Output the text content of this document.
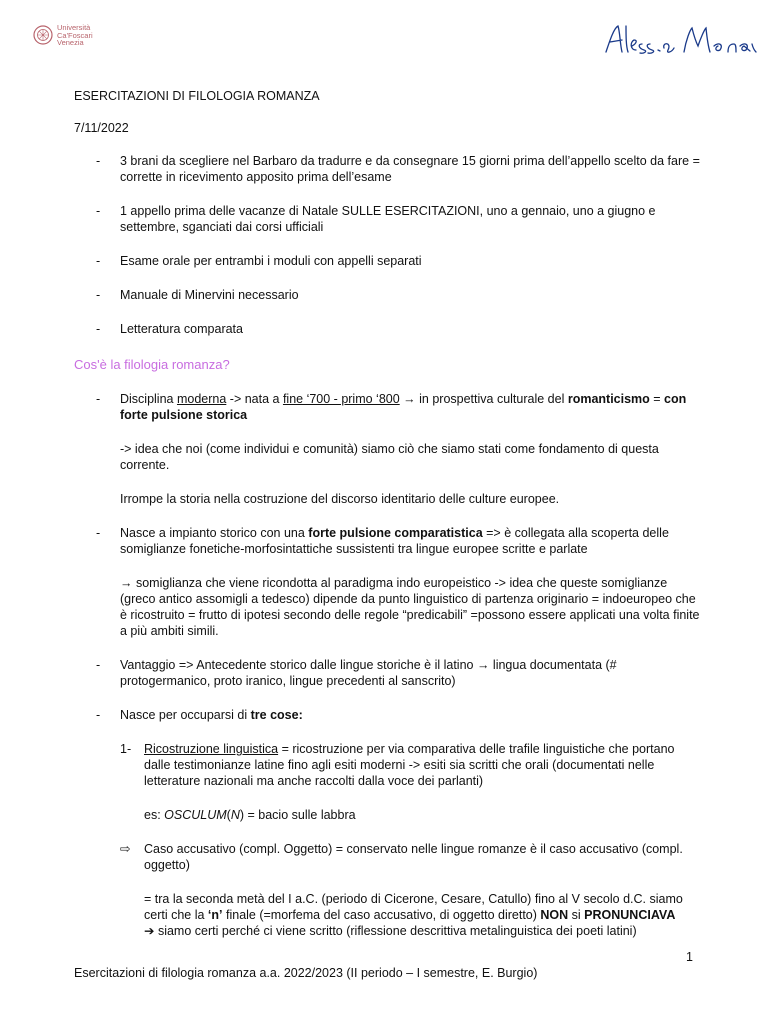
Università
Ca'Foscari
Venezia
ESERCITAZIONI DI FILOLOGIA ROMANZA
7/11/2022
-	3 brani da scegliere nel Barbaro da tradurre e da consegnare 15 giorni prima dell’appello scelto da fare = corrette in ricevimento apposito prima dell’esame
-	1 appello prima delle vacanze di Natale SULLE ESERCITAZIONI, uno a gennaio, uno a giugno e settembre, sganciati dai corsi ufficiali
-	Esame orale per entrambi i moduli con appelli separati
-	Manuale di Minervini necessario
-	Letteratura comparata
Cos'è la filologia romanza?
-	Disciplina moderna -> nata a fine ‘700 - primo ‘800 → in prospettiva culturale del romanticismo = con forte pulsione storica
-> idea che noi (come individui e comunità) siamo ciò che siamo stati come fondamento di questa corrente.
Irrompe la storia nella costruzione del discorso identitario delle culture europee.
-	Nasce a impianto storico con una forte pulsione comparatistica => è collegata alla scoperta delle somiglianze fonetiche-morfosintattiche sussistenti tra lingue europee scritte e parlate
→ somiglianza che viene ricondotta al paradigma indo europeistico -> idea che queste somiglianze (greco antico assomigli a tedesco) dipende da punto linguistico di partenza originario = indoeuropeo che è ricostruito = frutto di ipotesi secondo delle regole “predicabili” =possono essere applicati una volta finite a più ambiti simili.
-	Vantaggio => Antecedente storico dalle lingue storiche è il latino → lingua documentata (# protogermanico, proto iranico, lingue precedenti al sanscrito)
-	Nasce per occuparsi di tre cose:
1-	Ricostruzione linguistica = ricostruzione per via comparativa delle trafile linguistiche che portano dalle testimonianze latine fino agli esiti moderni -> esiti sia scritti che orali (documentati nelle letterature nazionali ma anche raccolti dalla voce dei parlanti)
es: OSCULUM(N) = bacio sulle labbra
⇨	Caso accusativo (compl. Oggetto) = conservato nelle lingue romanze è il caso accusativo (compl. oggetto)
= tra la seconda metà del I a.C. (periodo di Cicerone, Cesare, Catullo) fino al V secolo d.C. siamo certi che la ‘n’ finale (=morfema del caso accusativo, di oggetto diretto) NON si PRONUNCIAVA
➔ siamo certi perché ci viene scritto (riflessione descrittiva metalinguistica dei poeti latini)
1
Esercitazioni di filologia romanza a.a. 2022/2023 (II periodo – I semestre, E. Burgio)
